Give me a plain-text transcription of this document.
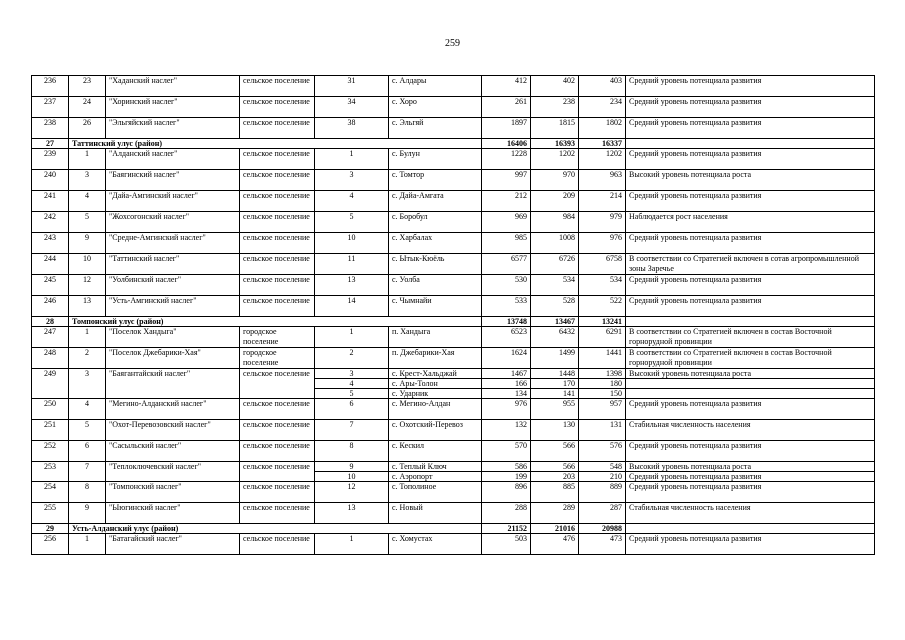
259
236	23	"Хаданский наслег"	сельское поселение	31	с. Алдары	412	402	403	Средний уровень потенциала развития
237	24	"Хоринский наслег"	сельское поселение	34	с. Хоро	261	238	234	Средний уровень потенциала развития
238	26	"Эльгяйский наслег"	сельское поселение	38	с. Эльгяй	1897	1815	1802	Средний уровень потенциала развития
27	Таттинский улус (район)					16406	16393	16337	
239	1	"Алданский наслег"	сельское поселение	1	с. Булун	1228	1202	1202	Средний уровень потенциала развития
240	3	"Баягинский наслег"	сельское поселение	3	с. Томтор	997	970	963	Высокий уровень потенциала роста
241	4	"Дайа-Амгинский наслег"	сельское поселение	4	с. Дайа-Амгата	212	209	214	Средний уровень потенциала развития
242	5	"Жохсогонский наслег"	сельское поселение	5	с. Боробул	969	984	979	Наблюдается рост населения
243	9	"Средне-Амгинский наслег"	сельское поселение	10	с. Харбалах	985	1008	976	Средний уровень потенциала развития
244	10	"Таттинский наслег"	сельское поселение	11	с. Ытык-Кюёль	6577	6726	6758	В соответствии со Стратегией включен в сотав агропромышленной зоны Заречье
245	12	"Уолбинский наслег"	сельское поселение	13	с. Уолба	530	534	534	Средний уровень потенциала развития
246	13	"Усть-Амгинский наслег"	сельское поселение	14	с. Чымнайи	533	528	522	Средний уровень потенциала развития
28	Томпонский улус (район)					13748	13467	13241	
247	1	"Поселок Хандыга"	городское поселение	1	п. Хандыга	6523	6432	6291	В соответствии со Стратегией включен в состав Восточной горнорудной провинции
248	2	"Поселок Джебарики-Хая"	городское поселение	2	п. Джебарики-Хая	1624	1499	1441	В соответствии со Стратегией включен в состав Восточной горнорудной провинции
249	3	"Баягантайский наслег"	сельское поселение	3	с. Крест-Хальджай	1467	1448	1398	Высокий уровень потенциала роста
				4	с. Ары-Толон	166	170	180	
				5	с. Ударник	134	141	150	
250	4	"Мегино-Алданский наслег"	сельское поселение	6	с. Мегино-Алдан	976	955	957	Средний уровень потенциала развития
251	5	"Охот-Перевозовский наслег"	сельское поселение	7	с. Охотский-Перевоз	132	130	131	Стабильная численность населения
252	6	"Сасыльский наслег"	сельское поселение	8	с. Кескил	570	566	576	Средний уровень потенциала развития
253	7	"Теплоключевский наслег"	сельское поселение	9	с. Теплый Ключ	586	566	548	Высокий уровень потенциала роста
				10	с. Аэропорт	199	203	210	Средний уровень потенциала развития
254	8	"Томпонский наслег"	сельское поселение	12	с. Тополиное	896	885	889	Средний уровень потенциала развития
255	9	"Ыюгинский наслег"	сельское поселение	13	с. Новый	288	289	287	Стабильная численность населения
29	Усть-Алданский улус (район)					21152	21016	20988	
256	1	"Батагайский наслег"	сельское поселение	1	с. Хомустах	503	476	473	Средний уровень потенциала развития
